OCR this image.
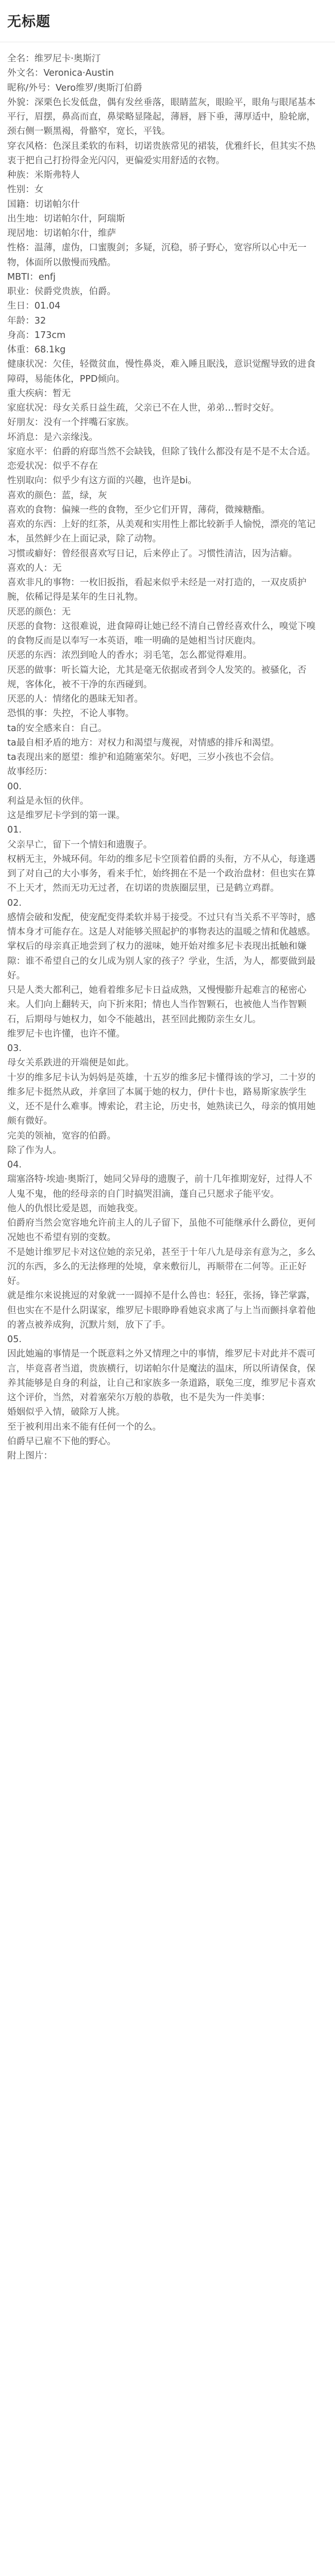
无标题

全名：维罗尼卡·奥斯汀

外文名：Veronica·Austin

昵称/外号：Vero维罗/奥斯汀伯爵

外貌：深栗色长发低盘，偶有发丝垂落，眼睛蓝灰，眼睑平，眼角与眼尾基本平行，眉摆，鼻高而直，鼻梁略显隆起，薄唇，唇下垂，薄厚适中，脸轮廓，颈右侧一颗黑褐，骨骼窄，宽长，平钱。

穿衣风格：色深且柔软的布料，切诺贵族常见的裙装，优雅纤长，但其实不热衷于把自己打扮得金光闪闪，更偏爱实用舒适的衣物。

种族：米斯弗特人

性别：女

国籍：切诺帕尔什

出生地：切诺帕尔什，阿瑞斯

现居地：切诺帕尔什，维萨

性格：温薄，虚伪，口蜜腹剑；多疑，沉稳，骄子野心，宽容所以心中无一物，体面所以傲慢而残酷。

MBTI：enfj

职业：侯爵党贵族，伯爵。

生日：01.04

年龄：32

身高：173cm

体重：68.1kg

健康状况：欠佳，轻微贫血，慢性鼻炎，难入睡且眠浅，意识觉醒导致的进食障碍，易能体化，PPD倾向。

重大疾病：暂无

家庭状况：母女关系日益生疏，父亲已不在人世，弟弟…暂时交好。

好朋友：没有一个拌嘴石家族。

坏消息：是六亲缘浅。

家庭水平：伯爵的府邸当然不会缺钱，但除了钱什么都没有是不是不太合适。

恋爱状况：似乎不存在

性别取向：似乎少有这方面的兴趣，也许是bi。

喜欢的颜色：蓝，绿，灰

喜欢的食物：偏辣一些的食物，至少它们开胃，薄荷，微辣糖酯。

喜欢的东西：上好的红茶，从美观和实用性上都比较新手人愉悦，漂亮的笔记本，虽然鲜少在上面记录，除了动物。

习惯或癖好：曾经很喜欢写日记，后来停止了。习惯性清洁，因为洁癖。

喜欢的人：无

喜欢非凡的事物：一枚旧扳指，看起来似乎未经是一对打造的，一双皮质护腕，依稀记得是某年的生日礼物。

厌恶的颜色：无

厌恶的食物：这很难说，进食障碍让她已经不清自己曾经喜欢什么，嗅觉下嗅的食物反而是以奉写一本英语，唯一明确的是她相当讨厌鹿肉。

厌恶的东西：浓烈到呛人的香水；羽毛笔，怎么都觉得难用。

厌恶的做事：听长篇大论，尤其是毫无依据或者到令人发笑的。被骚化，否规，客体化，被不干净的东西碰到。

厌恶的人：情绪化的愚昧无知者。

恐惧的事：失控，不论人事物。

ta的安全感来自：自己。

ta最自相矛盾的地方：对权力和渴望与蔑视，对情感的排斥和渴望。

ta表现出来的愿望：维护和追随塞荣尔。好吧，三岁小孩也不会信。

故事经历：

00.

利益是永恒的伙伴。

这是维罗尼卡学到的第一课。

01.

父亲早亡，留下一个情妇和遗腹子。

权柄无主，外城环伺。年幼的维多尼卡空顶着伯爵的头衔，方不从心，每逢遇到了对自己的大小事务，看来手忙，始终拥在不是一个政治盘材：但也实在算不上天才，然而无功无过者，在切诺的贵族圈层里，已是鹤立鸡群。

02.

感情会破和发配，使宠配变得柔软并易于接受。不过只有当关系不平等时，感情本身才可能存在。这是人对能够关照起护的事物表达的温暖之情和优越感。

掌权后的母亲真正地尝到了权力的滋味，她开始对维多尼卡表现出抵触和嫌隙：谁不希望自己的女儿成为别人家的孩子？学业，生活，为人，都要做到最好。

只是人类大都利己，她看着维多尼卡日益成熟，又慢慢膨升起难言的秘密心来。人们向上翻转天，向下折来阳；情也人当作智颗石，也被他人当作智颗石，后期母与她权力，如令不能越出，甚至回此搬防亲生女儿。

维罗尼卡也许懂，也许不懂。

03.

母女关系跌进的开端便是如此。

十岁的维多尼卡认为妈妈是英雄，十五岁的维多尼卡懂得该的学习，二十岁的维多尼卡挺然从政，并拿回了本属于她的权力，伊什卡也，路易斯家族学生义，还不是什么难事。博索论，君主论，历史书，她熟读已久，母亲的慎用她颇有微好。

完美的领袖，宽容的伯爵。

除了作为人。

04.

瑞塞洛特·埃迪·奥斯汀，她同父异母的遗腹子，前十几年推期宠好，过得人不人鬼不鬼，他的经母亲的自门时搞哭泪滴，蓬自己只愿求子能平安。

他人的仇恨比爱是恩，而她我变。

伯爵府当然会宽容地允许前主人的儿子留下，虽他不可能继承什么爵位，更何况她也不希望有别的变数。

不是她计维罗尼卡对这位她的亲兄弟，甚至于十年八九是母亲有意为之，多么沉的东西，多么的无法修理的处境，拿来敷衍儿，再顺带在二何等。正正好好。

就是维尔来说挑逗的对象就一一圆掉不是什么兽也：轻狂，张扬，锋芒掌露，但也实在不是什么阴谋家，维罗尼卡眼睁睁看她哀求离了与上当而颤抖拿着他的著点被养成狗，沉默片刻，放下了手。

05.

因此她遍的事情是一个既意料之外又情理之中的事情，维罗尼卡对此并不震可言，毕竟喜者当道，贵族横行，切诺帕尔什是魔法的温床，所以所请保食，保养其能够是自身的利益，让自己和家族多一条道路，联兔三度，维罗尼卡喜欢这个评价，当然，对着塞荣尔万般的恭敬，也不是失为一件美事：

婚姻似乎入情，破除万人挑。

至于被利用出来不能有任何一个的么。

伯爵早已雇不下他的野心。

附上图片：
